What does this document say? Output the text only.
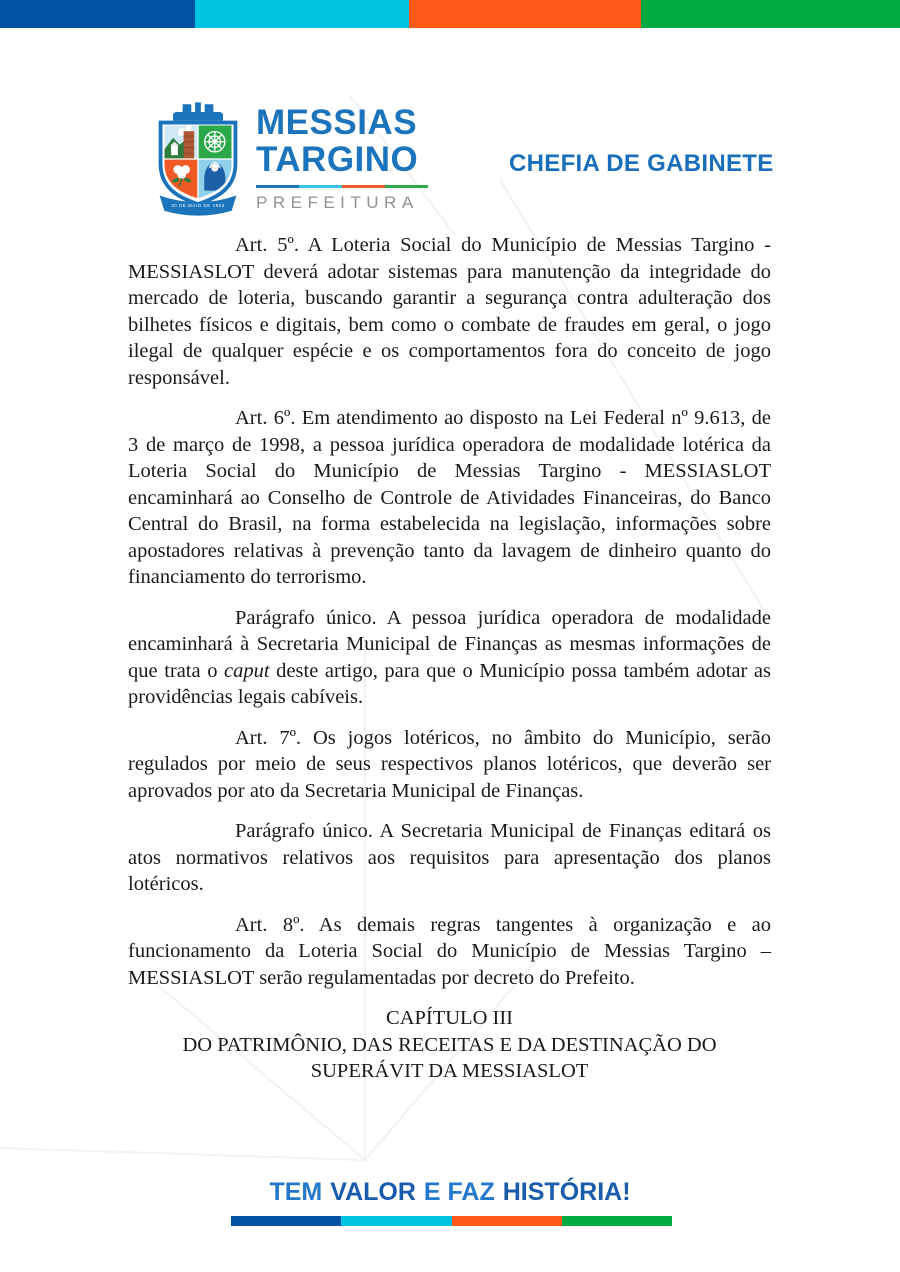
30 DE MAIO DE 1963
MESSIAS
TARGINO
PREFEITURA
CHEFIA DE GABINETE

Art. 5º. A Loteria Social do Município de Messias Targino - MESSIASLOT deverá adotar sistemas para manutenção da integridade do mercado de loteria, buscando garantir a segurança contra adulteração dos bilhetes físicos e digitais, bem como o combate de fraudes em geral, o jogo ilegal de qualquer espécie e os comportamentos fora do conceito de jogo responsável.

Art. 6º. Em atendimento ao disposto na Lei Federal nº 9.613, de 3 de março de 1998, a pessoa jurídica operadora de modalidade lotérica da Loteria Social do Município de Messias Targino - MESSIASLOT encaminhará ao Conselho de Controle de Atividades Financeiras, do Banco Central do Brasil, na forma estabelecida na legislação, informações sobre apostadores relativas à prevenção tanto da lavagem de dinheiro quanto do financiamento do terrorismo.

Parágrafo único. A pessoa jurídica operadora de modalidade encaminhará à Secretaria Municipal de Finanças as mesmas informações de que trata o caput deste artigo, para que o Município possa também adotar as providências legais cabíveis.

Art. 7º. Os jogos lotéricos, no âmbito do Município, serão regulados por meio de seus respectivos planos lotéricos, que deverão ser aprovados por ato da Secretaria Municipal de Finanças.

Parágrafo único. A Secretaria Municipal de Finanças editará os atos normativos relativos aos requisitos para apresentação dos planos lotéricos.

Art. 8º. As demais regras tangentes à organização e ao funcionamento da Loteria Social do Município de Messias Targino – MESSIASLOT serão regulamentadas por decreto do Prefeito.

CAPÍTULO III
DO PATRIMÔNIO, DAS RECEITAS E DA DESTINAÇÃO DO SUPERÁVIT DA MESSIASLOT
TEM VALOR E FAZ HISTÓRIA!
